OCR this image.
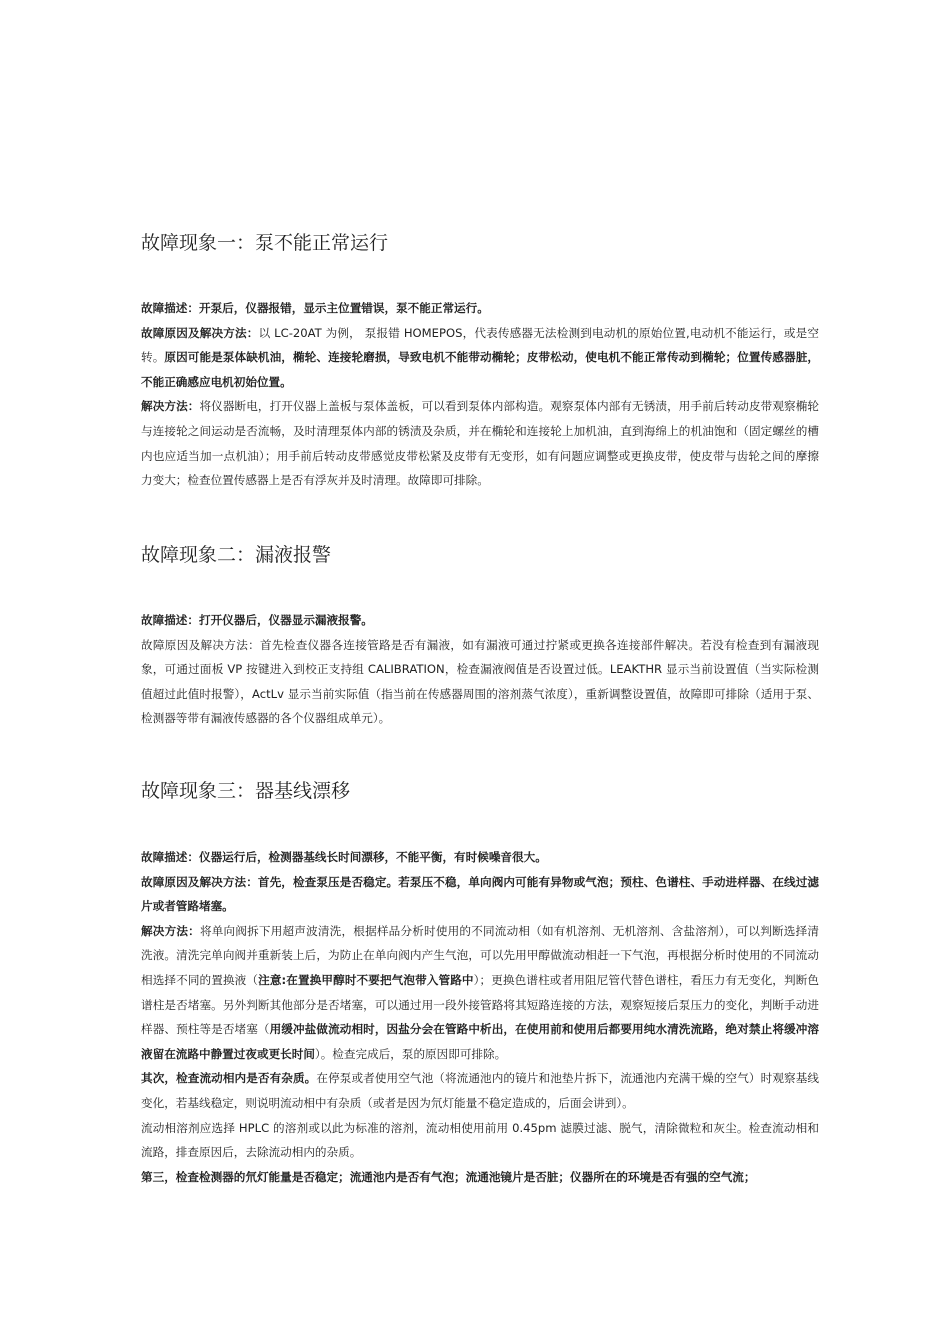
故障现象一：泵不能正常运行

故障描述：开泵后，仪器报错，显示主位置错误，泵不能正常运行。

故障原因及解决方法：以 LC-20AT 为例， 泵报错 HOMEPOS，代表传感器无法检测到电动机的原始位置,电动机不能运行，或是空转。原因可能是泵体缺机油，椭轮、连接轮磨损，导致电机不能带动椭轮；皮带松动，使电机不能正常传动到椭轮；位置传感器脏，不能正确感应电机初始位置。

解决方法：将仪器断电，打开仪器上盖板与泵体盖板，可以看到泵体内部构造。观察泵体内部有无锈渍，用手前后转动皮带观察椭轮与连接轮之间运动是否流畅，及时清理泵体内部的锈渍及杂质，并在椭轮和连接轮上加机油，直到海绵上的机油饱和（固定螺丝的槽内也应适当加一点机油）；用手前后转动皮带感觉皮带松紧及皮带有无变形，如有问题应调整或更换皮带，使皮带与齿轮之间的摩擦力变大；检查位置传感器上是否有浮灰并及时清理。故障即可排除。

故障现象二：漏液报警

故障描述：打开仪器后，仪器显示漏液报警。

故障原因及解决方法：首先检查仪器各连接管路是否有漏液，如有漏液可通过拧紧或更换各连接部件解决。若没有检查到有漏液现象，可通过面板 VP 按键进入到校正支持组 CALIBRATION，检查漏液阀值是否设置过低。LEAKTHR 显示当前设置值（当实际检测值超过此值时报警），ActLv 显示当前实际值（指当前在传感器周围的溶剂蒸气浓度），重新调整设置值，故障即可排除（适用于泵、检测器等带有漏液传感器的各个仪器组成单元）。

故障现象三：器基线漂移

故障描述：仪器运行后，检测器基线长时间漂移，不能平衡，有时候噪音很大。

故障原因及解决方法：首先，检查泵压是否稳定。若泵压不稳，单向阀内可能有异物或气泡；预柱、色谱柱、手动进样器、在线过滤片或者管路堵塞。

解决方法：将单向阀拆下用超声波清洗，根据样品分析时使用的不同流动相（如有机溶剂、无机溶剂、含盐溶剂），可以判断选择清洗液。清洗完单向阀并重新装上后，为防止在单向阀内产生气泡，可以先用甲醇做流动相赶一下气泡，再根据分析时使用的不同流动相选择不同的置换液（注意:在置换甲醇时不要把气泡带入管路中）；更换色谱柱或者用阻尼管代替色谱柱，看压力有无变化，判断色谱柱是否堵塞。另外判断其他部分是否堵塞，可以通过用一段外接管路将其短路连接的方法，观察短接后泵压力的变化，判断手动进样器、预柱等是否堵塞（用缓冲盐做流动相时，因盐分会在管路中析出，在使用前和使用后都要用纯水清洗流路，绝对禁止将缓冲溶液留在流路中静置过夜或更长时间）。检查完成后，泵的原因即可排除。

其次，检查流动相内是否有杂质。在停泵或者使用空气池（将流通池内的镜片和池垫片拆下，流通池内充满干燥的空气）时观察基线变化，若基线稳定，则说明流动相中有杂质（或者是因为氘灯能量不稳定造成的，后面会讲到）。

流动相溶剂应选择 HPLC 的溶剂或以此为标准的溶剂，流动相使用前用 0.45pm 滤膜过滤、脱气，清除微粒和灰尘。检查流动相和流路，排查原因后，去除流动相内的杂质。

第三，检查检测器的氘灯能量是否稳定；流通池内是否有气泡；流通池镜片是否脏；仪器所在的环境是否有强的空气流；
